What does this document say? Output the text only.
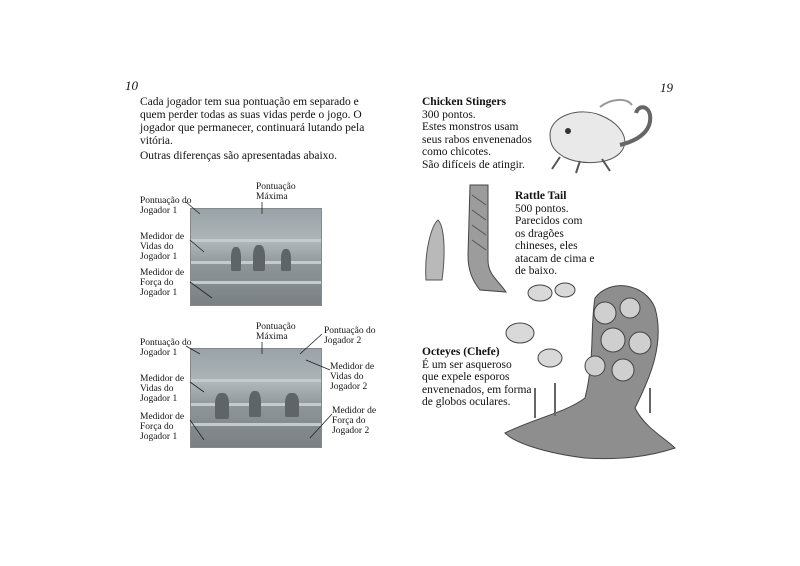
10
Cada jogador tem sua pontuação em separado e
quem perder todas as suas vidas perde o jogo. O
jogador que permanecer, continuará lutando pela
vitória.
Outras diferenças são apresentadas abaixo.
Pontuação do
Jogador 1
Pontuação
Máxima
Medidor de
Vidas do
Jogador 1
Medidor de
Força do
Jogador 1
Pontuação
Máxima
Pontuação do
Jogador 2
Pontuação do
Jogador 1
Medidor de
Vidas do
Jogador 2
Medidor de
Vidas do
Jogador 1
Medidor de
Força do
Jogador 1
Medidor de
Força do
Jogador 2
19
Chicken Stingers
300 pontos.
Estes monstros usam
seus rabos envenenados
como chicotes.
São difíceis de atingir.
Rattle Tail
500 pontos.
Parecidos com
os dragões
chineses, eles
atacam de cima e
de baixo.
Octeyes (Chefe)
É um ser asqueroso
que expele esporos
envenenados, em forma
de globos oculares.
